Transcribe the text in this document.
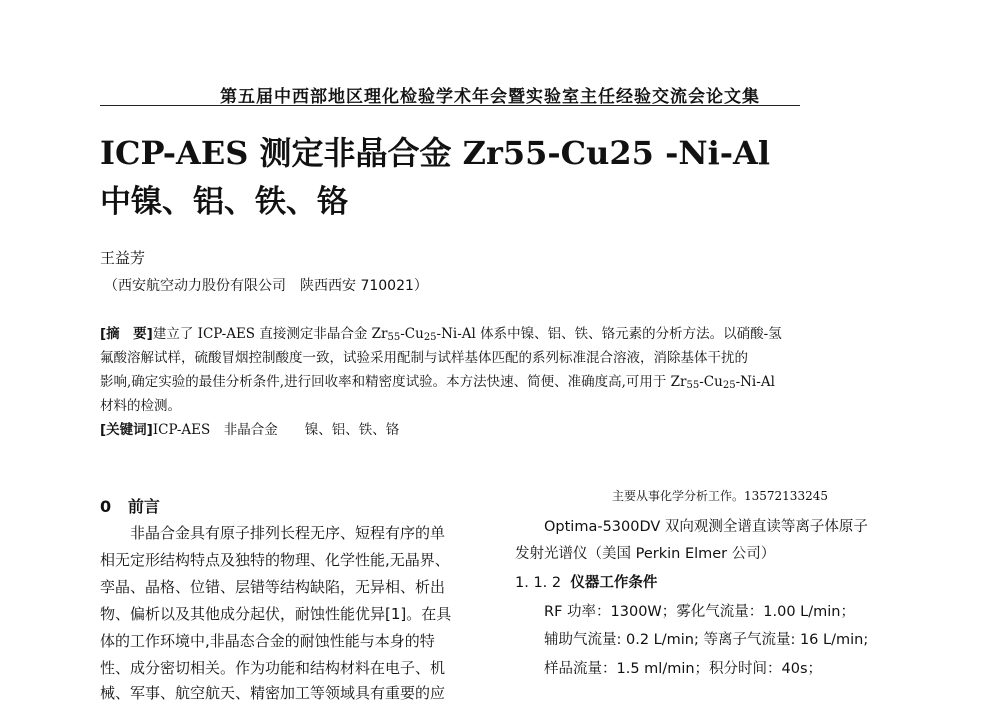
第五届中西部地区理化检验学术年会暨实验室主任经验交流会论文集
ICP-AES 测定非晶合金 Zr55-Cu25 -Ni-Al
中镍、铝、铁、铬
王益芳
（西安航空动力股份有限公司　陕西西安 710021）
[摘　要]建立了 ICP-AES 直接测定非晶合金 $Zr_{55}-Cu_{25}-Ni-Al$ 体系中镍、铝、铁、铬元素的分析方法。以硝酸-氢
氟酸溶解试样，硫酸冒烟控制酸度一致，试验采用配制与试样基体匹配的系列标准混合溶液，消除基体干扰的
影响,确定实验的最佳分析条件,进行回收率和精密度试验。本方法快速、简便、准确度高,可用于 $Zr_{55}-Cu_{25}-Ni-Al$
材料的检测。
[关键词]ICP-AES　非晶合金　　镍、铝、铁、铬
0 前言
　　非晶合金具有原子排列长程无序、短程有序的单
相无定形结构特点及独特的物理、化学性能,无晶界、
孪晶、晶格、位错、层错等结构缺陷，无异相、析出
物、偏析以及其他成分起伏，耐蚀性能优异[1]。在具
体的工作环境中,非晶态合金的耐蚀性能与本身的特
性、成分密切相关。作为功能和结构材料在电子、机
械、军事、航空航天、精密加工等领域具有重要的应
主要从事化学分析工作。13572133245
　　Optima-5300DV 双向观测全谱直读等离子体原子
发射光谱仪（美国 Perkin Elmer 公司）
1. 1. 2 仪器工作条件
　　RF 功率：1300W；雾化气流量：1.00 L/min；
　　辅助气流量: 0.2 L/min; 等离子气流量: 16 L/min;
　　样品流量：1.5 ml/min；积分时间：40s；
